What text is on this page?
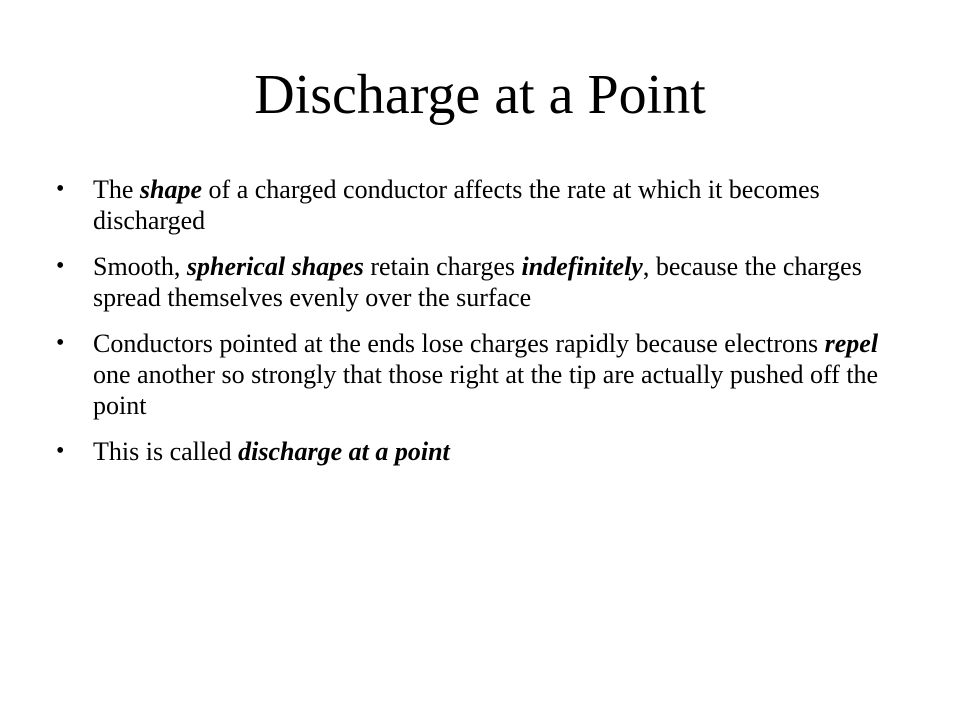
Discharge at a Point
• The shape of a charged conductor affects the rate at which it becomes discharged
• Smooth, spherical shapes retain charges indefinitely, because the charges spread themselves evenly over the surface
• Conductors pointed at the ends lose charges rapidly because electrons repel one another so strongly that those right at the tip are actually pushed off the point
• This is called discharge at a point
